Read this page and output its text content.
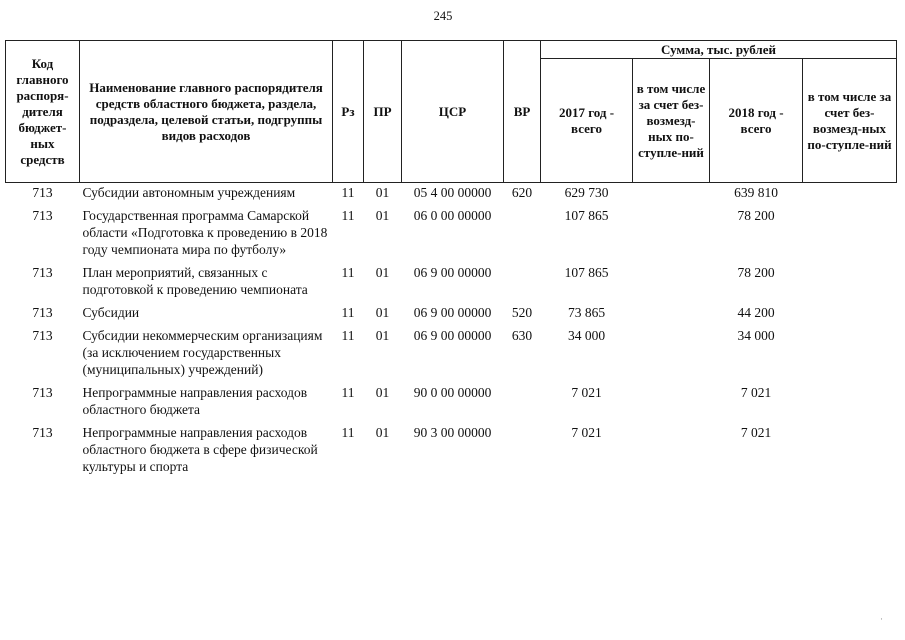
245
Код главного распоря-дителя бюджет-ных средств	Наименование главного распорядителя средств областного бюджета, раздела, подраздела, целевой статьи, подгруппы видов расходов	Рз	ПР	ЦСР	ВР	Сумма, тыс. рублей			
						2017 год - всего	в том числе за счет без-возмезд-ных по-ступле-ний	2018 год - всего	в том числе за счет без-возмезд-ных по-ступле-ний
713	Субсидии автономным учреждениям	11	01	05 4 00 00000	620	629 730		639 810	
713	Государственная программа Самарской области «Подготовка к проведению в 2018 году чемпионата мира по футболу»	11	01	06 0 00 00000		107 865		78 200	
713	План мероприятий, связанных с подготовкой к проведению чемпионата	11	01	06 9 00 00000		107 865		78 200	
713	Субсидии	11	01	06 9 00 00000	520	73 865		44 200	
713	Субсидии некоммерческим организациям (за исключением государственных (муниципальных) учреждений)	11	01	06 9 00 00000	630	34 000		34 000	
713	Непрограммные направления расходов областного бюджета	11	01	90 0 00 00000		7 021		7 021	
713	Непрограммные направления расходов областного бюджета в сфере физической культуры и спорта	11	01	90 3 00 00000		7 021		7 021	
·
